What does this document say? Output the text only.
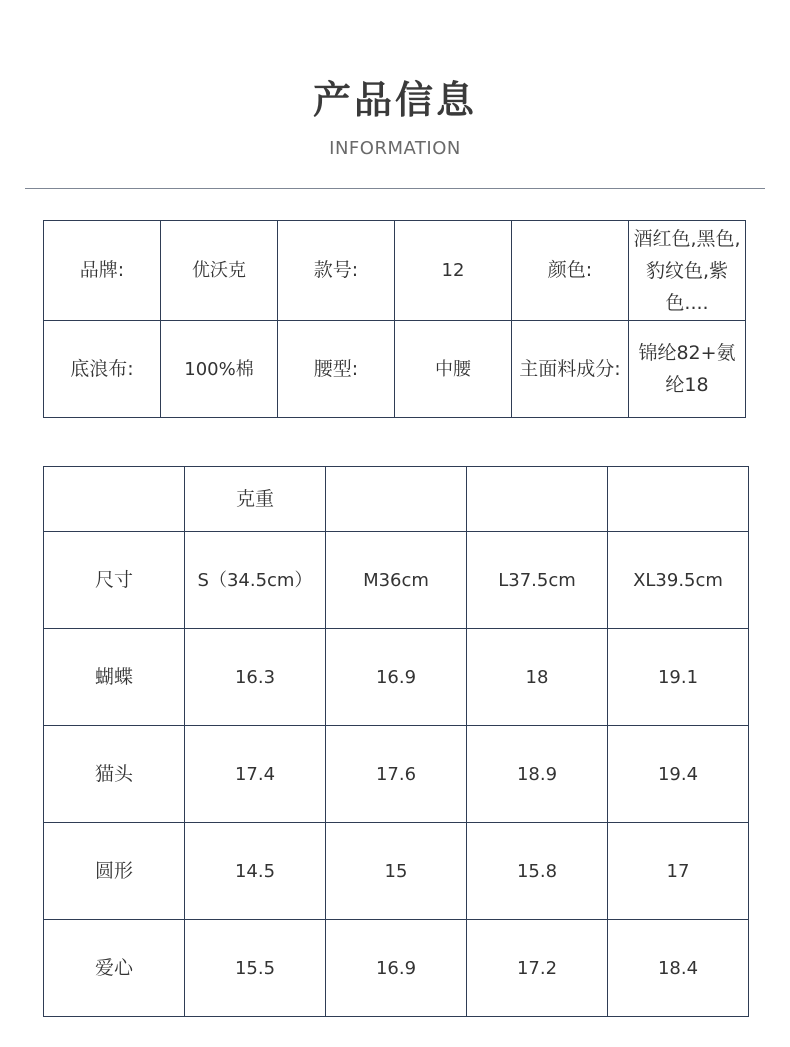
产品信息
INFORMATION
品牌:	优沃克	款号:	12	颜色:	酒红色,黑色,豹纹色,紫色....
底浪布:	100%棉	腰型:	中腰	主面料成分:	锦纶82+氨纶18
	克重			
尺寸	S（34.5cm）	M36cm	L37.5cm	XL39.5cm
蝴蝶	16.3	16.9	18	19.1
猫头	17.4	17.6	18.9	19.4
圆形	14.5	15	15.8	17
爱心	15.5	16.9	17.2	18.4
